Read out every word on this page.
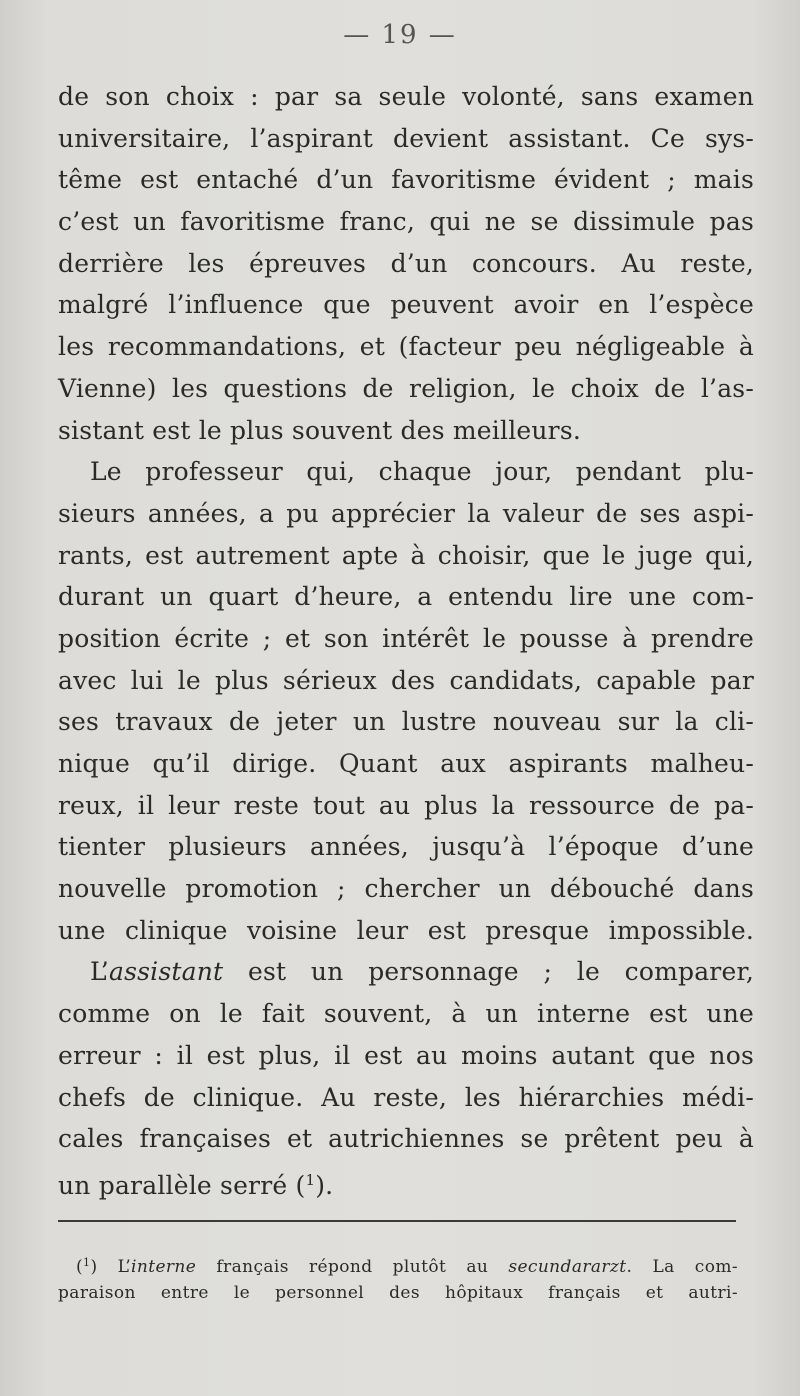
— 19 —
de son choix : par sa seule volonté, sans examen
universitaire, l’aspirant devient assistant. Ce sys-
tême est entaché d’un favoritisme évident ; mais
c’est un favoritisme franc, qui ne se dissimule pas
derrière les épreuves d’un concours. Au reste,
malgré l’influence que peuvent avoir en l’espèce
les recommandations, et (facteur peu négligeable à
Vienne) les questions de religion, le choix de l’as-
sistant est le plus souvent des meilleurs.
Le professeur qui, chaque jour, pendant plu-
sieurs années, a pu apprécier la valeur de ses aspi-
rants, est autrement apte à choisir, que le juge qui,
durant un quart d’heure, a entendu lire une com-
position écrite ; et son intérêt le pousse à prendre
avec lui le plus sérieux des candidats, capable par
ses travaux de jeter un lustre nouveau sur la cli-
nique qu’il dirige. Quant aux aspirants malheu-
reux, il leur reste tout au plus la ressource de pa-
tienter plusieurs années, jusqu’à l’époque d’une
nouvelle promotion ; chercher un débouché dans
une clinique voisine leur est presque impossible.
L’assistant est un personnage ; le comparer,
comme on le fait souvent, à un interne est une
erreur : il est plus, il est au moins autant que nos
chefs de clinique. Au reste, les hiérarchies médi-
cales françaises et autrichiennes se prêtent peu à
un parallèle serré ($^1$).
($^1$) L’interne français répond plutôt au secundararzt. La com-
paraison entre le personnel des hôpitaux français et autri-
